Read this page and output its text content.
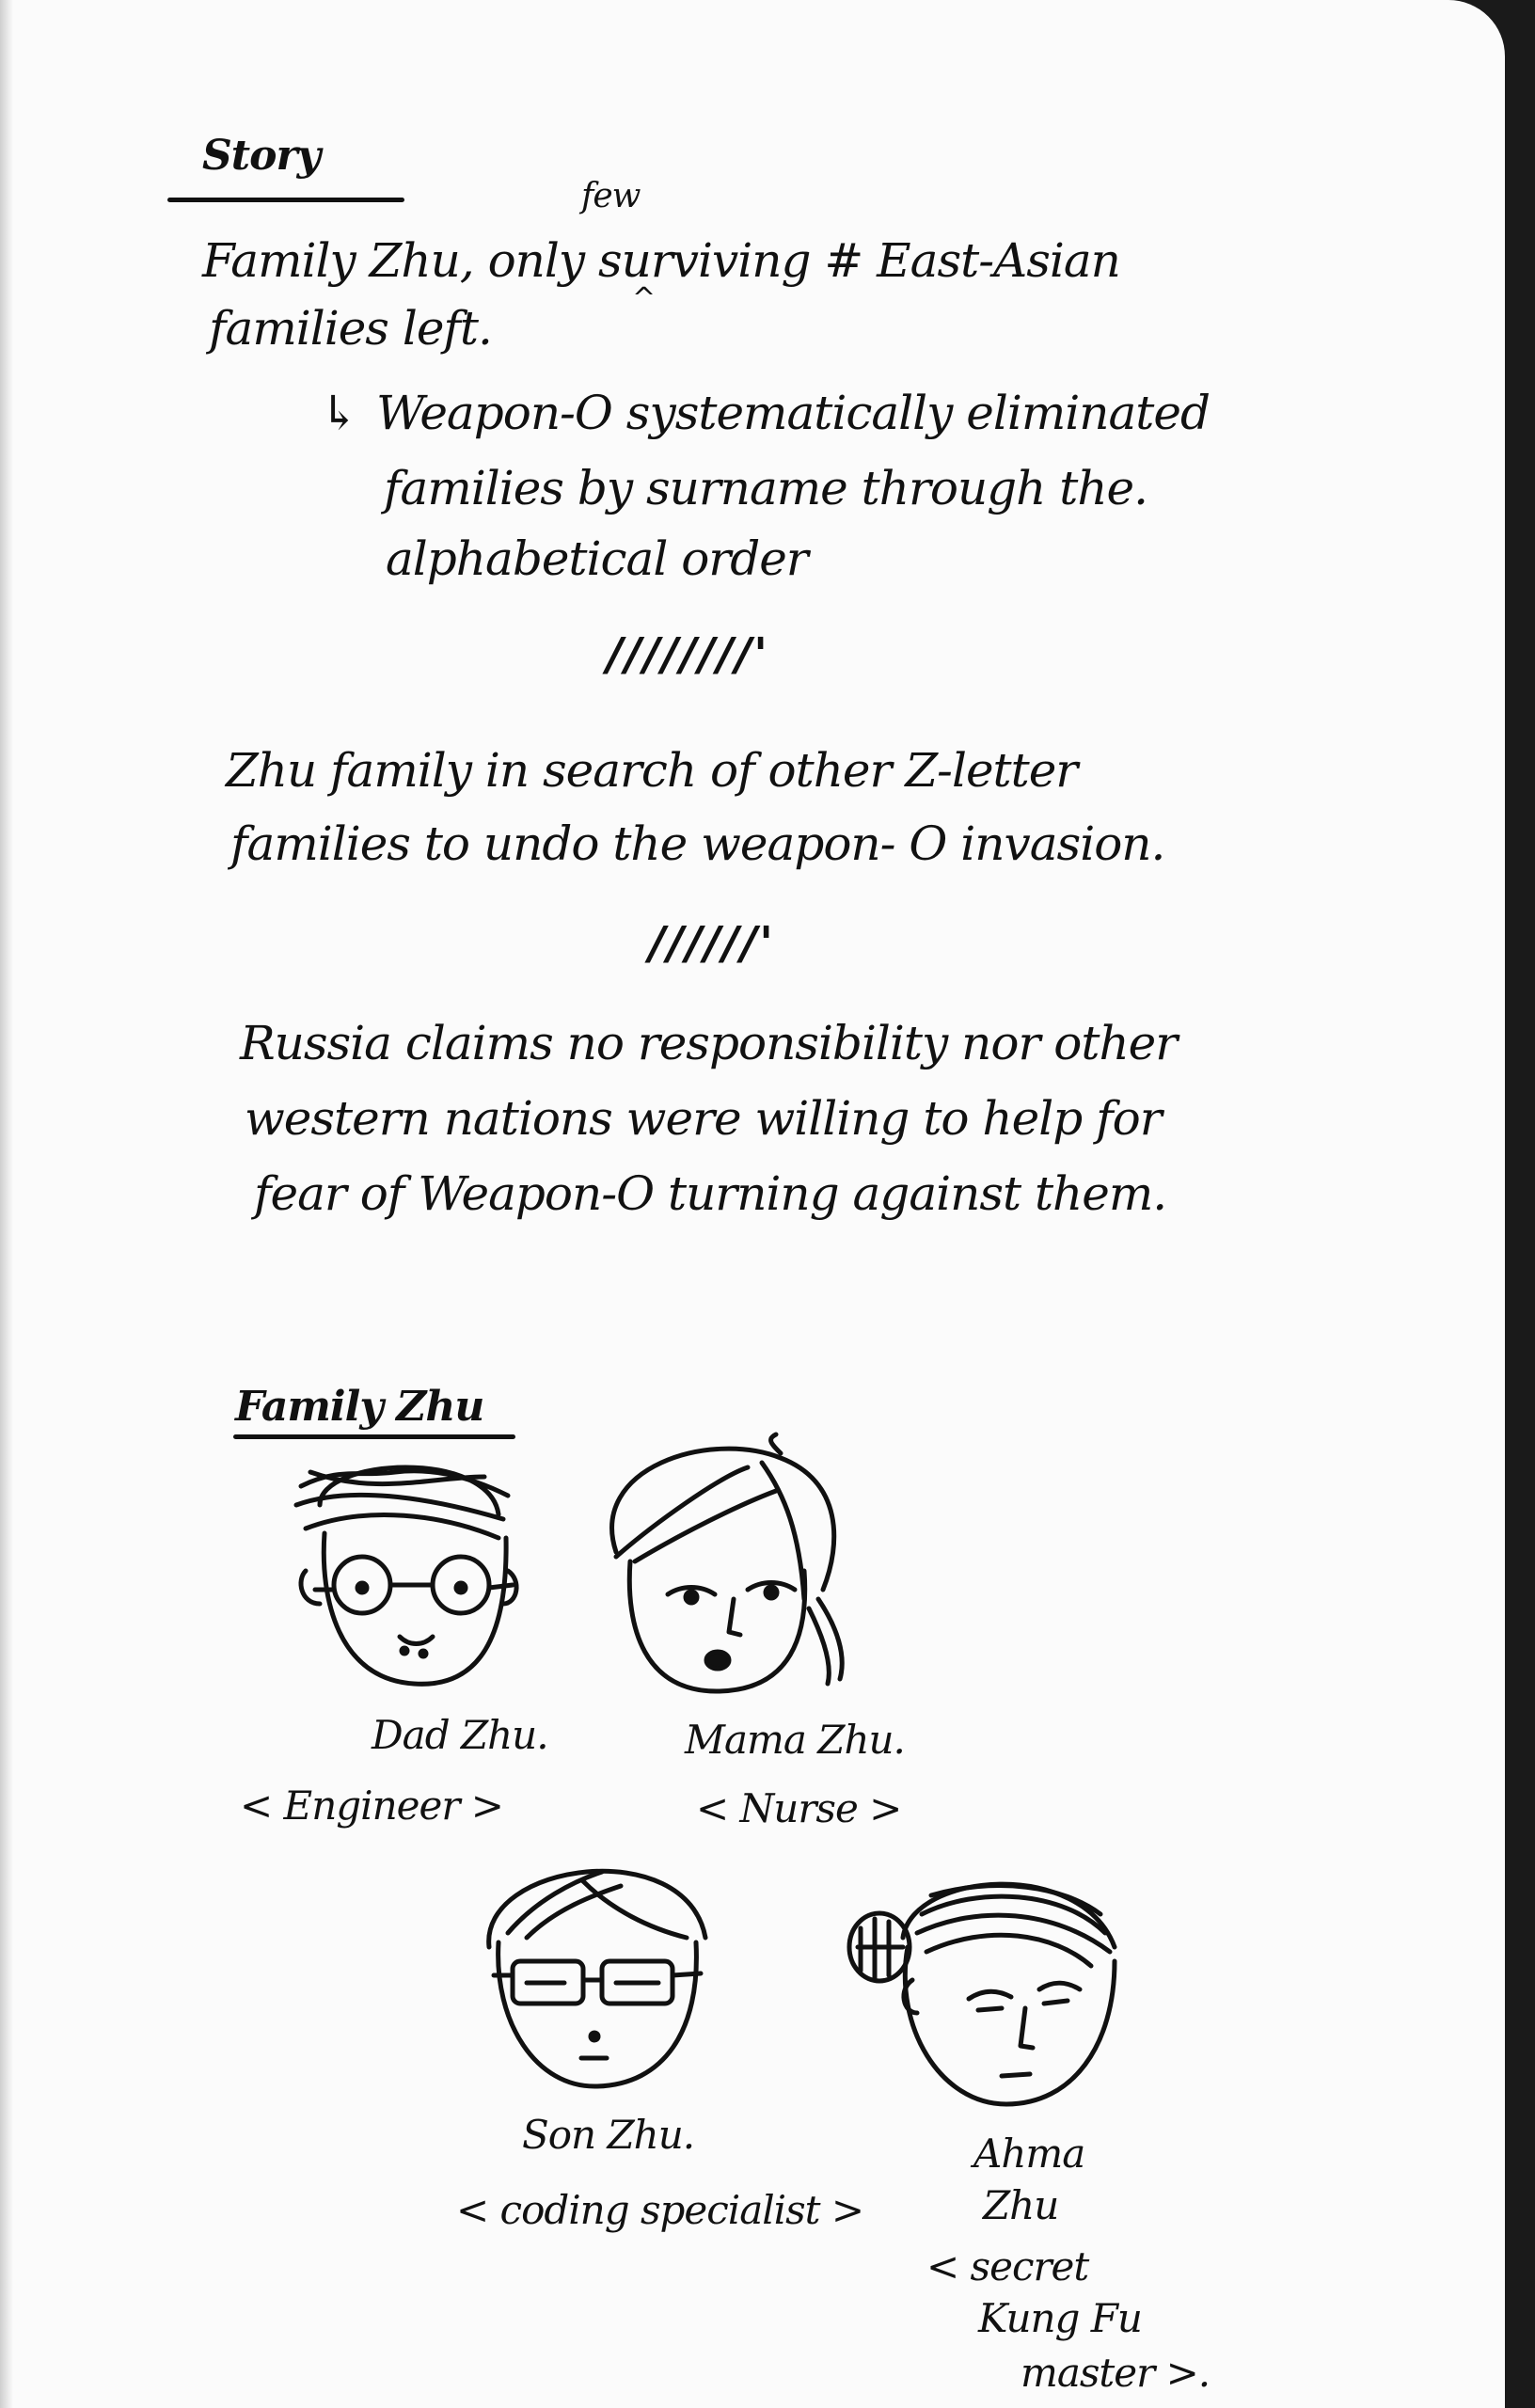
Story
few
^
Family Zhu, only surviving # East-Asian
families left.
↳ Weapon-O systematically eliminated
families by surname through the.
alphabetical order
////////'
Zhu family in search of other Z-letter
families to undo the weapon- O invasion.
//////'
Russia claims no responsibility nor other
western nations were willing to help for
fear of Weapon-O turning against them.
Family Zhu
Dad Zhu.
< Engineer >
Mama Zhu.
< Nurse >
Son Zhu.
< coding specialist >
Ahma
Zhu
< secret
Kung Fu
master >.
